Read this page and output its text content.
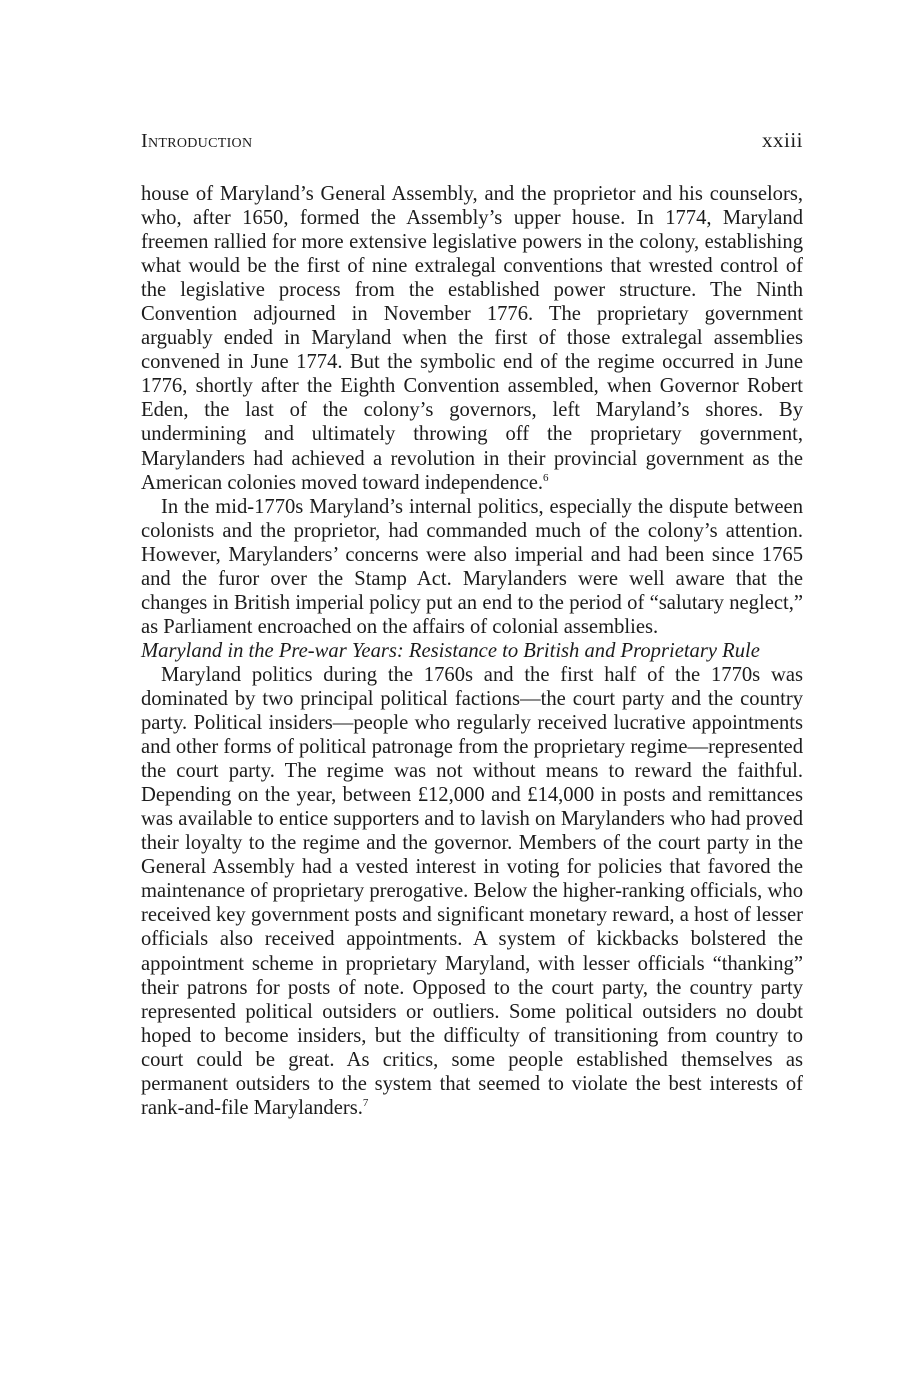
Introduction	xxiii

house of Maryland’s General Assembly, and the proprietor and his counselors, who, after 1650, formed the Assembly’s upper house. In 1774, Maryland freemen rallied for more extensive legislative powers in the colony, establishing what would be the first of nine extralegal conventions that wrested control of the legislative process from the established power structure. The Ninth Convention adjourned in November 1776. The proprietary government arguably ended in Maryland when the first of those extralegal assemblies convened in June 1774. But the symbolic end of the regime occurred in June 1776, shortly after the Eighth Convention assembled, when Governor Robert Eden, the last of the colony’s governors, left Maryland’s shores. By undermining and ultimately throwing off the proprietary government, Marylanders had achieved a revolution in their provincial government as the American colonies moved toward independence.$^6$

In the mid-1770s Maryland’s internal politics, especially the dispute between colonists and the proprietor, had commanded much of the colony’s attention. However, Marylanders’ concerns were also imperial and had been since 1765 and the furor over the Stamp Act. Marylanders were well aware that the changes in British imperial policy put an end to the period of “salutary neglect,” as Parliament encroached on the affairs of colonial assemblies.

Maryland in the Pre-war Years: Resistance to British and Proprietary Rule

Maryland politics during the 1760s and the first half of the 1770s was dominated by two principal political factions—the court party and the country party. Political insiders—people who regularly received lucrative appointments and other forms of political patronage from the proprietary regime—represented the court party. The regime was not without means to reward the faithful. Depending on the year, between £12,000 and £14,000 in posts and remittances was available to entice supporters and to lavish on Marylanders who had proved their loyalty to the regime and the governor. Members of the court party in the General Assembly had a vested interest in voting for policies that favored the maintenance of proprietary prerogative. Below the higher-ranking officials, who received key government posts and significant monetary reward, a host of lesser officials also received appointments. A system of kickbacks bolstered the appointment scheme in proprietary Maryland, with lesser officials “thanking” their patrons for posts of note. Opposed to the court party, the country party represented political outsiders or outliers. Some political outsiders no doubt hoped to become insiders, but the difficulty of transitioning from country to court could be great. As critics, some people established themselves as permanent outsiders to the system that seemed to violate the best interests of rank-and-file Marylanders.$^7$
